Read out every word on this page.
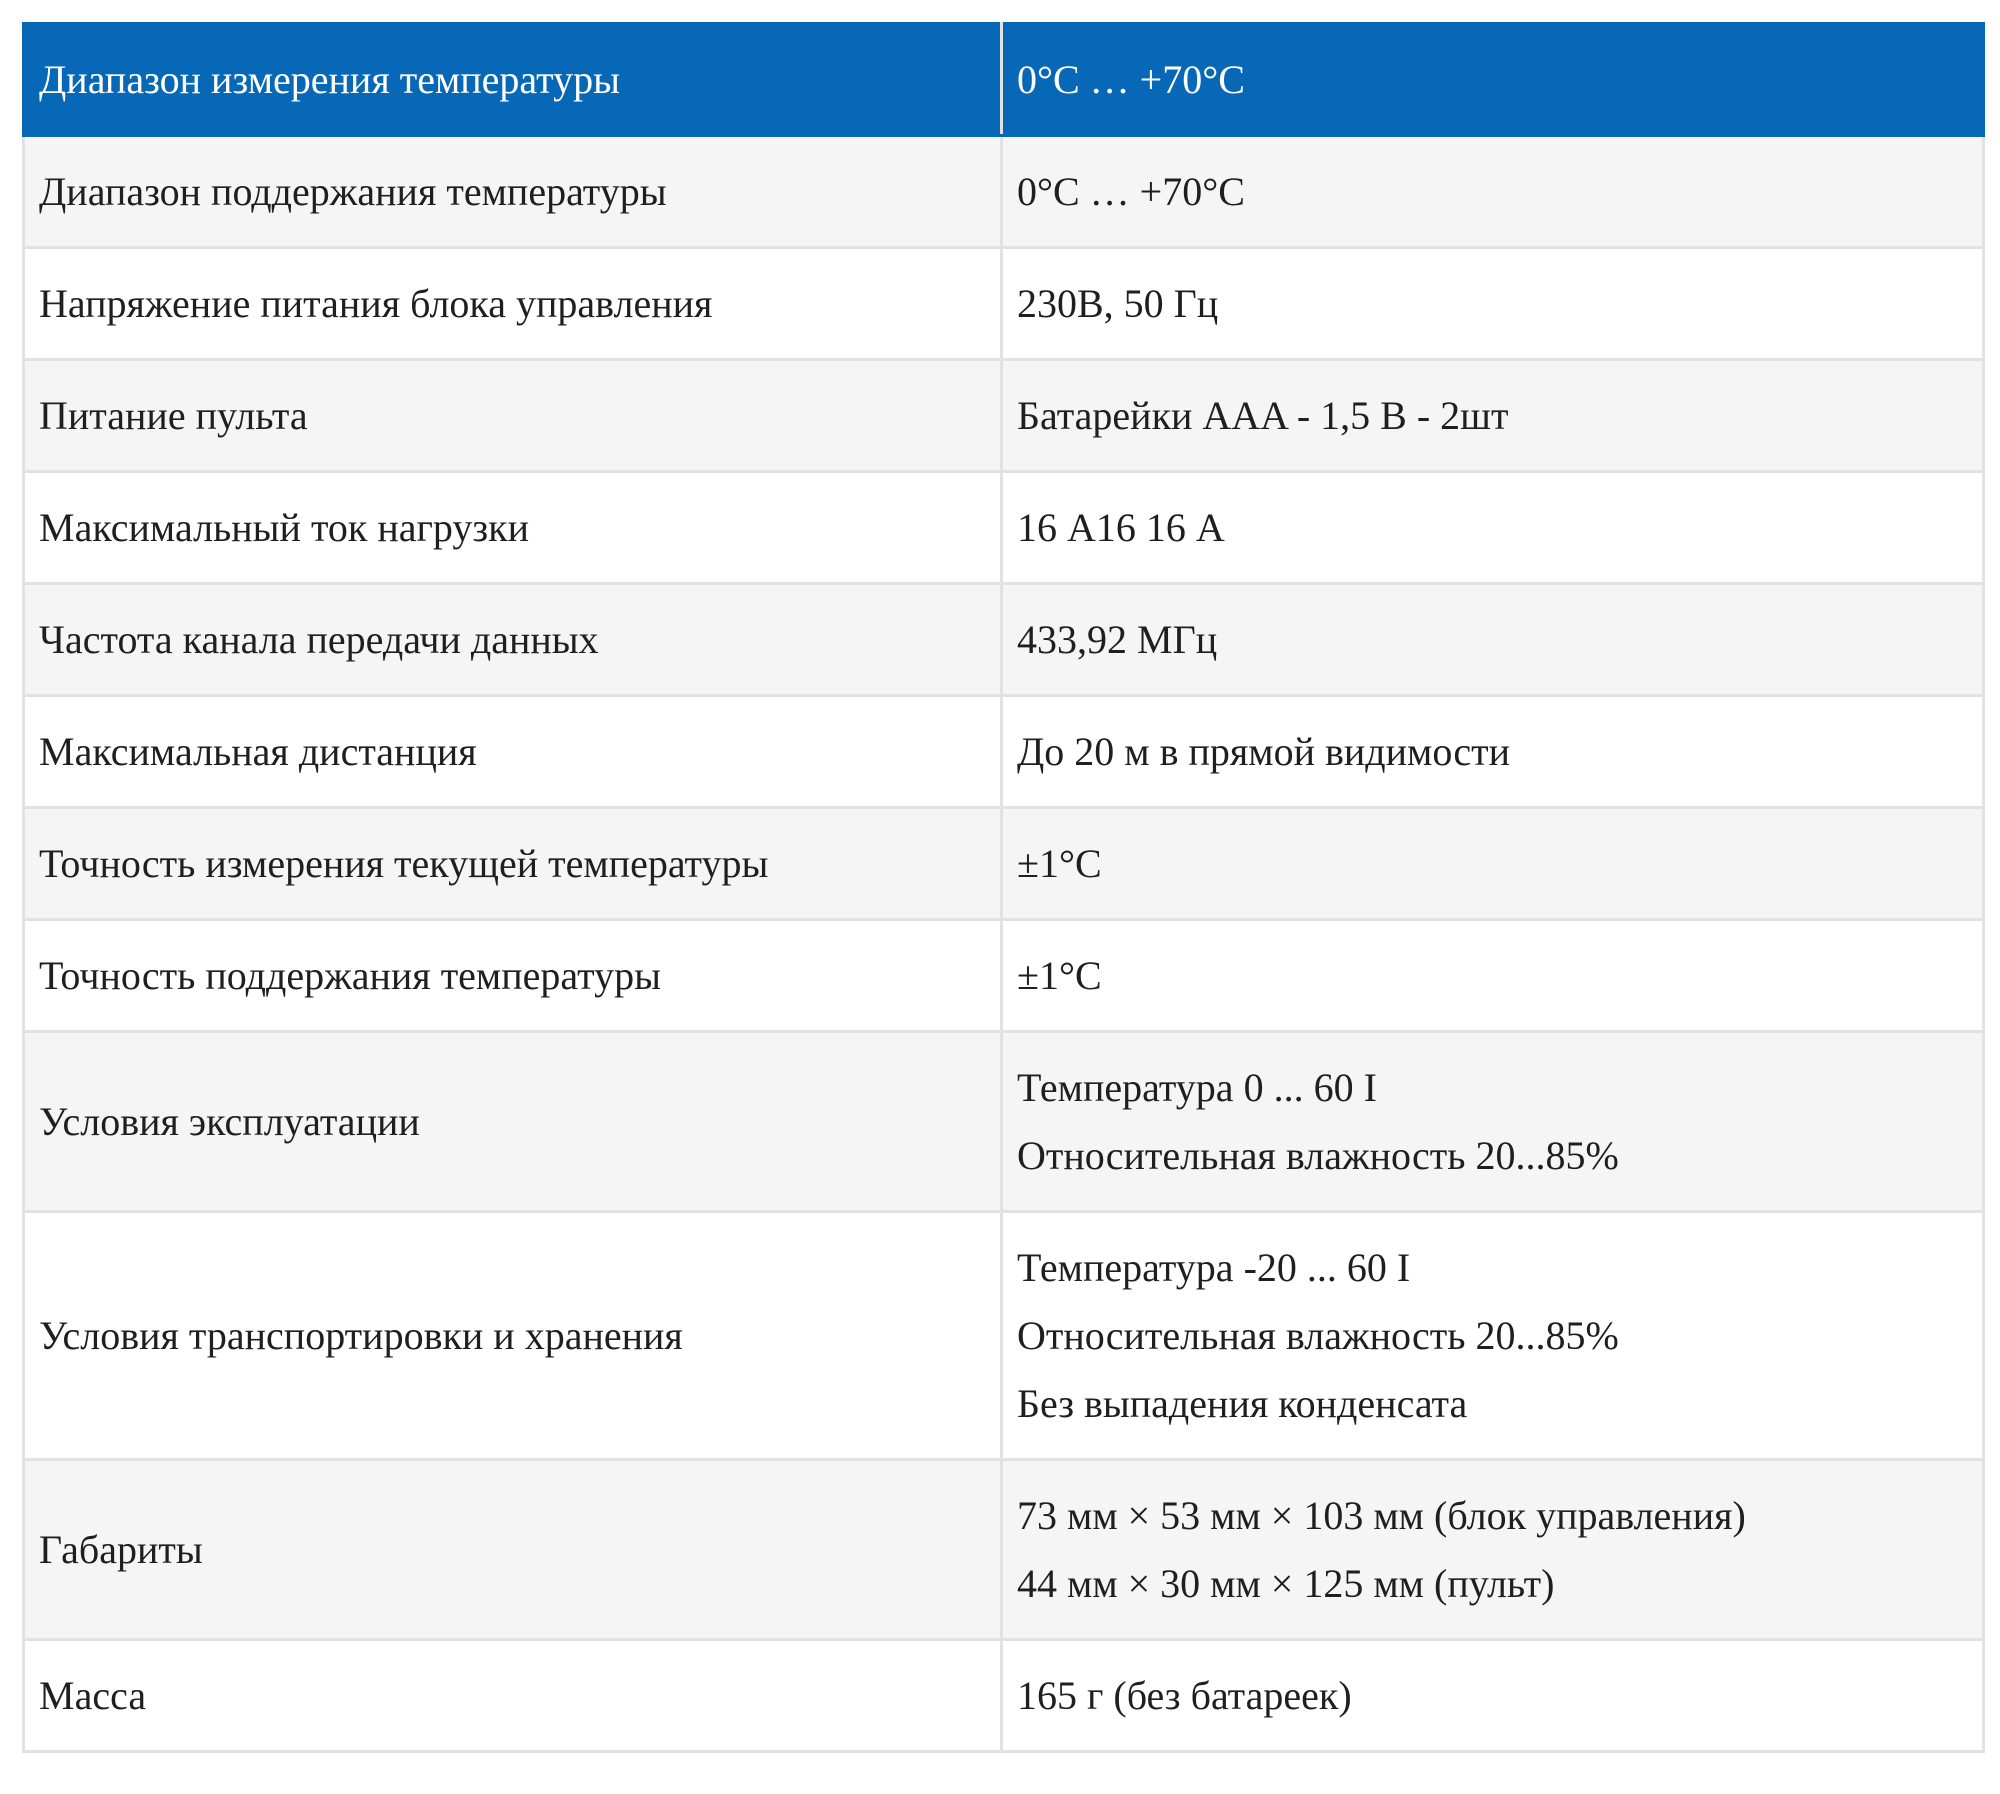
Диапазон измерения температуры	0°C … +70°C
Диапазон поддержания температуры	0°C … +70°C

Напряжение питания блока управления	230В, 50 Гц

Питание пульта	Батарейки AAA - 1,5 В - 2шт

Максимальный ток нагрузки	16 А16 16 А

Частота канала передачи данных	433,92 МГц

Максимальная дистанция	До 20 м в прямой видимости

Точность измерения текущей температуры	±1°С

Точность поддержания температуры	±1°С

Условия эксплуатации	Температура 0 ... 60 I
Относительная влажность 20...85%

Условия транспортировки и хранения	Температура -20 ... 60 I
Относительная влажность 20...85%
Без выпадения конденсата

Габариты	73 мм × 53 мм × 103 мм (блок управления)
44 мм × 30 мм × 125 мм (пульт)

Масса	165 г (без батареек)
